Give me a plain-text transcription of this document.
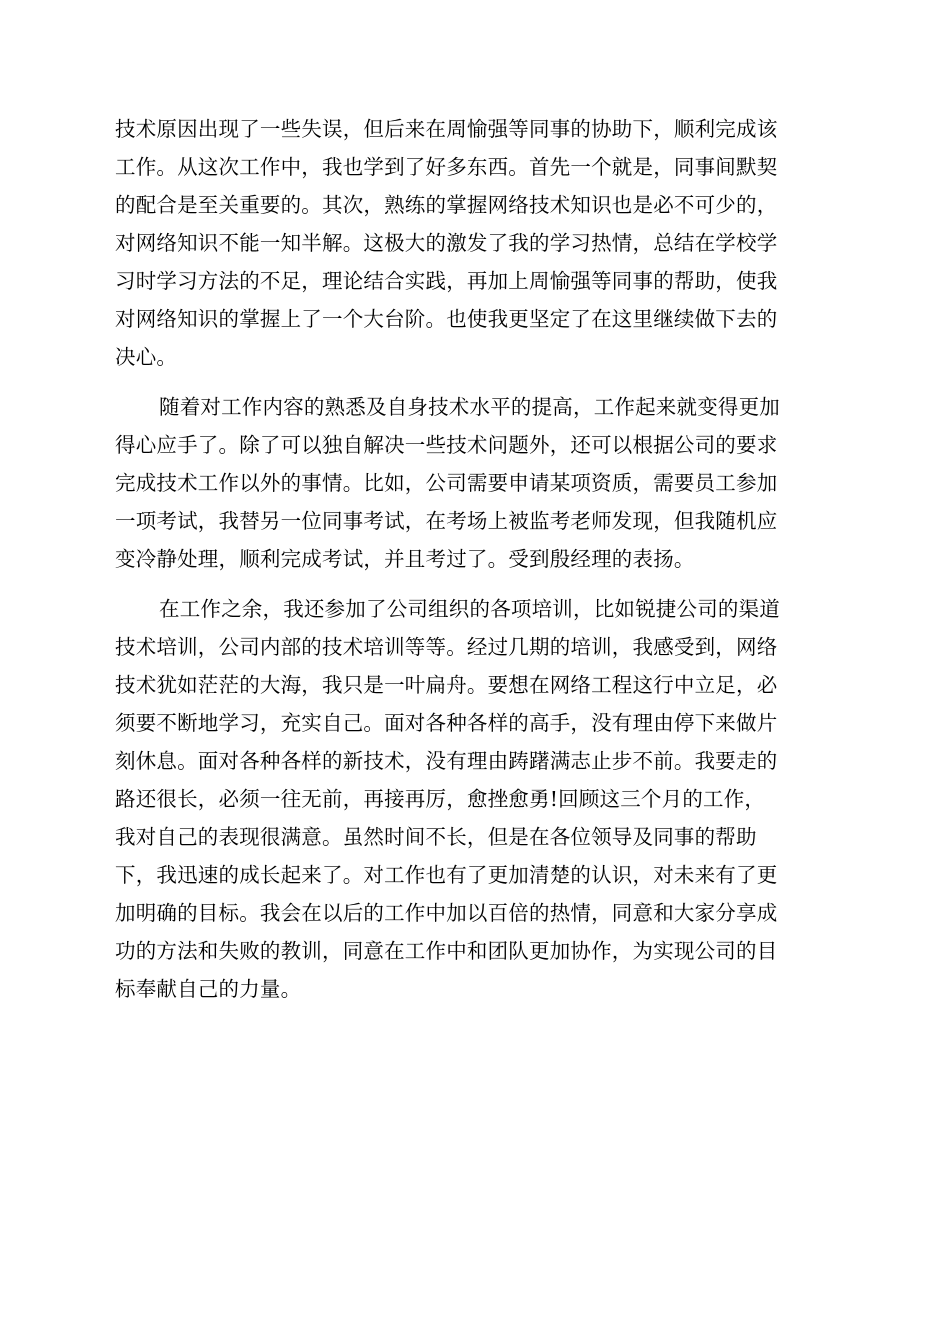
技术原因出现了一些失误，但后来在周愉强等同事的协助下，顺利完成该
工作。从这次工作中，我也学到了好多东西。首先一个就是，同事间默契
的配合是至关重要的。其次，熟练的掌握网络技术知识也是必不可少的，
对网络知识不能一知半解。这极大的激发了我的学习热情，总结在学校学
习时学习方法的不足，理论结合实践，再加上周愉强等同事的帮助，使我
对网络知识的掌握上了一个大台阶。也使我更坚定了在这里继续做下去的
决心。

随着对工作内容的熟悉及自身技术水平的提高，工作起来就变得更加
得心应手了。除了可以独自解决一些技术问题外，还可以根据公司的要求
完成技术工作以外的事情。比如，公司需要申请某项资质，需要员工参加
一项考试，我替另一位同事考试，在考场上被监考老师发现，但我随机应
变冷静处理，顺利完成考试，并且考过了。受到殷经理的表扬。

在工作之余，我还参加了公司组织的各项培训，比如锐捷公司的渠道
技术培训，公司内部的技术培训等等。经过几期的培训，我感受到，网络
技术犹如茫茫的大海，我只是一叶扁舟。要想在网络工程这行中立足，必
须要不断地学习，充实自己。面对各种各样的高手，没有理由停下来做片
刻休息。面对各种各样的新技术，没有理由踌躇满志止步不前。我要走的
路还很长，必须一往无前，再接再厉，愈挫愈勇!回顾这三个月的工作，
我对自己的表现很满意。虽然时间不长，但是在各位领导及同事的帮助
下，我迅速的成长起来了。对工作也有了更加清楚的认识，对未来有了更
加明确的目标。我会在以后的工作中加以百倍的热情，同意和大家分享成
功的方法和失败的教训，同意在工作中和团队更加协作，为实现公司的目
标奉献自己的力量。
